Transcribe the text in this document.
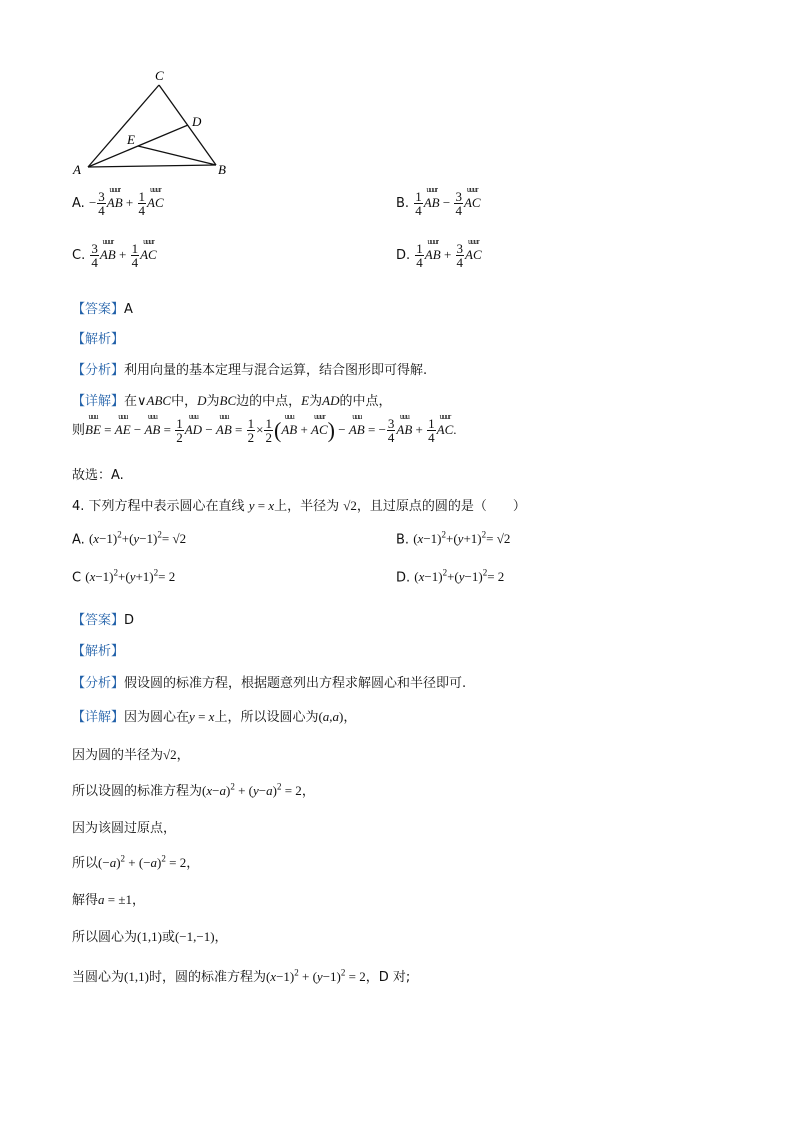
C
D
E
A	B
A. − $\frac{3}{4}$ uuur AB + $\frac{1}{4}$ uuur AC	B. $\frac{1}{4}$ uuur AB − $\frac{3}{4}$ uuur AC
C. $\frac{3}{4}$ uuur AB + $\frac{1}{4}$ uuur AC	D. $\frac{1}{4}$ uuur AB + $\frac{3}{4}$ uuur AC
【答案】A
【解析】
【分析】利用向量的基本定理与混合运算，结合图形即可得解.
【详解】在∨ABC中，D为BC边的中点，E为AD的中点，
则uuu BE = uuu AE − uuu AB = $\frac{1}{2}$ uuu AD − uuu AB = $\frac{1}{2} \times \frac{1}{2} (uuu$ AB + uuur AC) − uuu AB = − $\frac{3}{4}$ uuu AB + $\frac{1}{4}$ uuur AC.
故选：A.
4. 下列方程中表示圆心在直线 y = x上，半径为 √2，且过原点的圆的是（　　）
A. $(x-1)^2+(y-1)^2= √2$	B. $(x-1)^2+(y+1)^2= √2$
C $(x-1)^2+(y+1)^2= 2$	D. $(x-1)^2+(y-1)^2= 2$
【答案】D
【解析】
【分析】假设圆的标准方程，根据题意列出方程求解圆心和半径即可.
【详解】因为圆心在y = x上，所以设圆心为(a,a)，
因为圆的半径为√2，
所以设圆的标准方程为$(x-a)^2 + (y-a)^2 = 2$，
因为该圆过原点，
所以$(-a)^2 + (-a)^2 = 2$，
解得a = ±1，
所以圆心为(1,1)或(−1,−1)，
当圆心为(1,1)时，圆的标准方程为$(x-1)^2 + (y-1)^2 = 2$，D 对;
